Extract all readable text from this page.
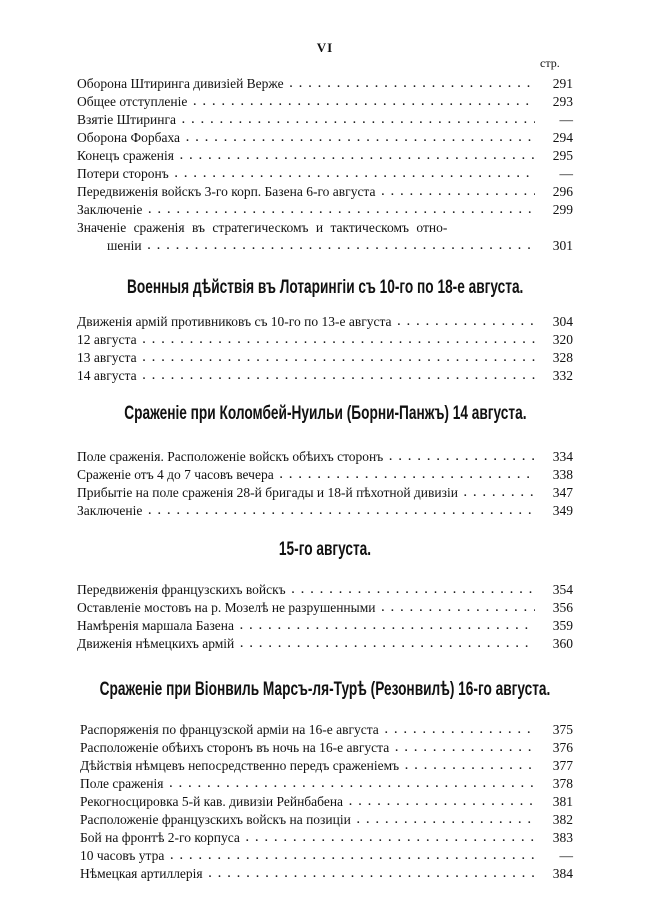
VI
стр.
Оборона Штиринга дивизіей Верже . . .	291
Общее отступленіе . . .	293
Взятіе Штиринга . . .	—
Оборона Форбаха . . .	294
Конецъ сраженія . . .	295
Потери сторонъ . . .	—
Передвиженія войскъ 3-го корп. Базена 6-го августа . . .	296
Заключеніе . . .	299
Значеніе сраженія въ стратегическомъ и тактическомъ отно-
шеніи . . .	301
Военныя дѣйствія въ Лотарингіи съ 10-го по 18-е августа.
Движенія армій противниковъ съ 10-го по 13-е августа . . .	304
12 августа . . .	320
13 августа . . .	328
14 августа . . .	332
Сраженіе при Коломбей-Нуильи (Борни-Панжъ) 14 августа.
Поле сраженія. Расположеніе войскъ обѣихъ сторонъ . . .	334
Сраженіе отъ 4 до 7 часовъ вечера . . .	338
Прибытіе на поле сраженія 28-й бригады и 18-й пѣхотной дивизіи . . .	347
Заключеніе . . .	349
15-го августа.
Передвиженія французскихъ войскъ . . .	354
Оставленіе мостовъ на р. Мозелѣ не разрушенными . . .	356
Намѣренія маршала Базена . . .	359
Движенія нѣмецкихъ армій . . .	360
Сраженіе при Віонвиль Марсъ-ля-Турѣ (Резонвилѣ) 16-го августа.
Распоряженія по французской арміи на 16-е августа . . .	375
Расположеніе обѣихъ сторонъ въ ночь на 16-е августа . . .	376
Дѣйствія нѣмцевъ непосредственно передъ сраженіемъ . . .	377
Поле сраженія . . .	378
Рекогносцировка 5-й кав. дивизіи Рейнбабена . . .	381
Расположеніе французскихъ войскъ на позиціи . . .	382
Бой на фронтѣ 2-го корпуса . . .	383
10 часовъ утра . . .	—
Нѣмецкая артиллерія . . .	384
